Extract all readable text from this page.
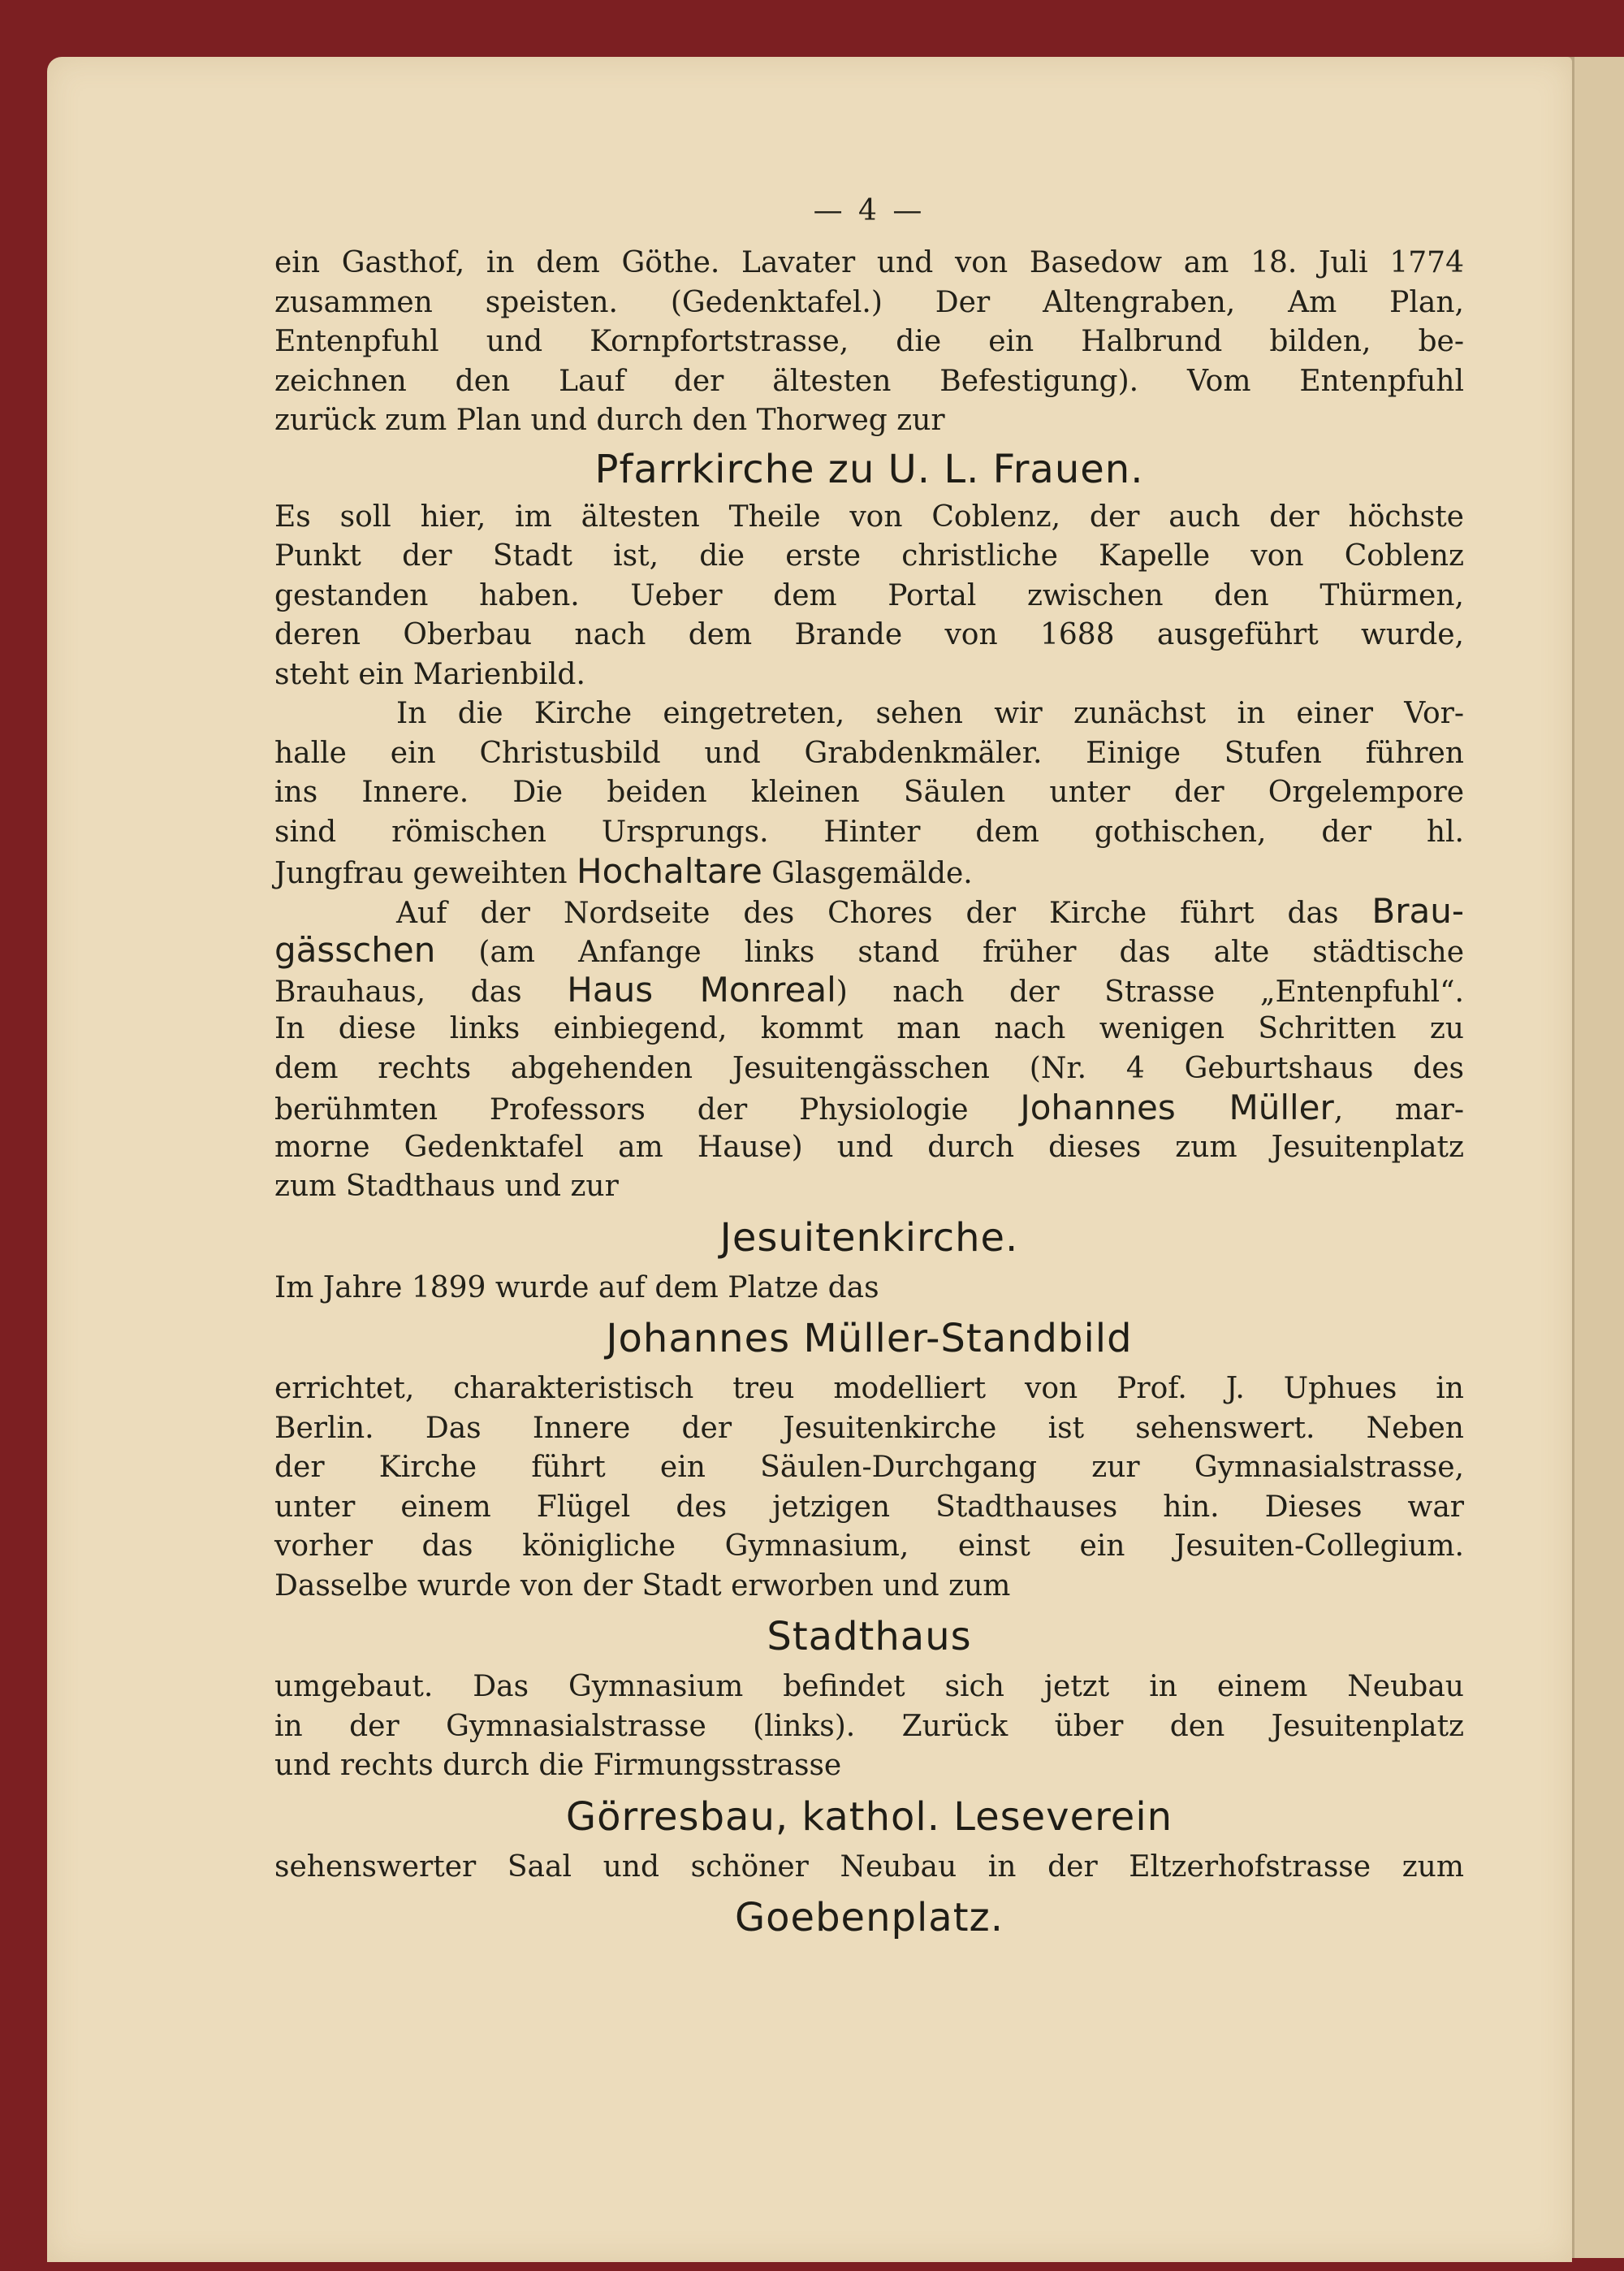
— 4 —
ein Gasthof, in dem Göthe. Lavater und von Basedow am 18. Juli 1774
zusammen speisten. (Gedenktafel.) Der Altengraben, Am Plan,
Entenpfuhl und Kornpfortstrasse, die ein Halbrund bilden, be-
zeichnen den Lauf der ältesten Befestigung). Vom Entenpfuhl
zurück zum Plan und durch den Thorweg zur
Pfarrkirche zu U. L. Frauen.
Es soll hier, im ältesten Theile von Coblenz, der auch der höchste
Punkt der Stadt ist, die erste christliche Kapelle von Coblenz
gestanden haben. Ueber dem Portal zwischen den Thürmen,
deren Oberbau nach dem Brande von 1688 ausgeführt wurde,
steht ein Marienbild.
In die Kirche eingetreten, sehen wir zunächst in einer Vor-
halle ein Christusbild und Grabdenkmäler. Einige Stufen führen
ins Innere. Die beiden kleinen Säulen unter der Orgelempore
sind römischen Ursprungs. Hinter dem gothischen, der hl.
Jungfrau geweihten Hochaltare Glasgemälde.
Auf der Nordseite des Chores der Kirche führt das Brau-
gässchen (am Anfange links stand früher das alte städtische
Brauhaus, das Haus Monreal) nach der Strasse „Entenpfuhl“.
In diese links einbiegend, kommt man nach wenigen Schritten zu
dem rechts abgehenden Jesuitengässchen (Nr. 4 Geburtshaus des
berühmten Professors der Physiologie Johannes Müller, mar-
morne Gedenktafel am Hause) und durch dieses zum Jesuitenplatz
zum Stadthaus und zur
Jesuitenkirche.
Im Jahre 1899 wurde auf dem Platze das
Johannes Müller-Standbild
errichtet, charakteristisch treu modelliert von Prof. J. Uphues in
Berlin. Das Innere der Jesuitenkirche ist sehenswert. Neben
der Kirche führt ein Säulen-Durchgang zur Gymnasialstrasse,
unter einem Flügel des jetzigen Stadthauses hin. Dieses war
vorher das königliche Gymnasium, einst ein Jesuiten-Collegium.
Dasselbe wurde von der Stadt erworben und zum
Stadthaus
umgebaut. Das Gymnasium befindet sich jetzt in einem Neubau
in der Gymnasialstrasse (links). Zurück über den Jesuitenplatz
und rechts durch die Firmungsstrasse
Görresbau, kathol. Leseverein
sehenswerter Saal und schöner Neubau in der Eltzerhofstrasse zum
Goebenplatz.
